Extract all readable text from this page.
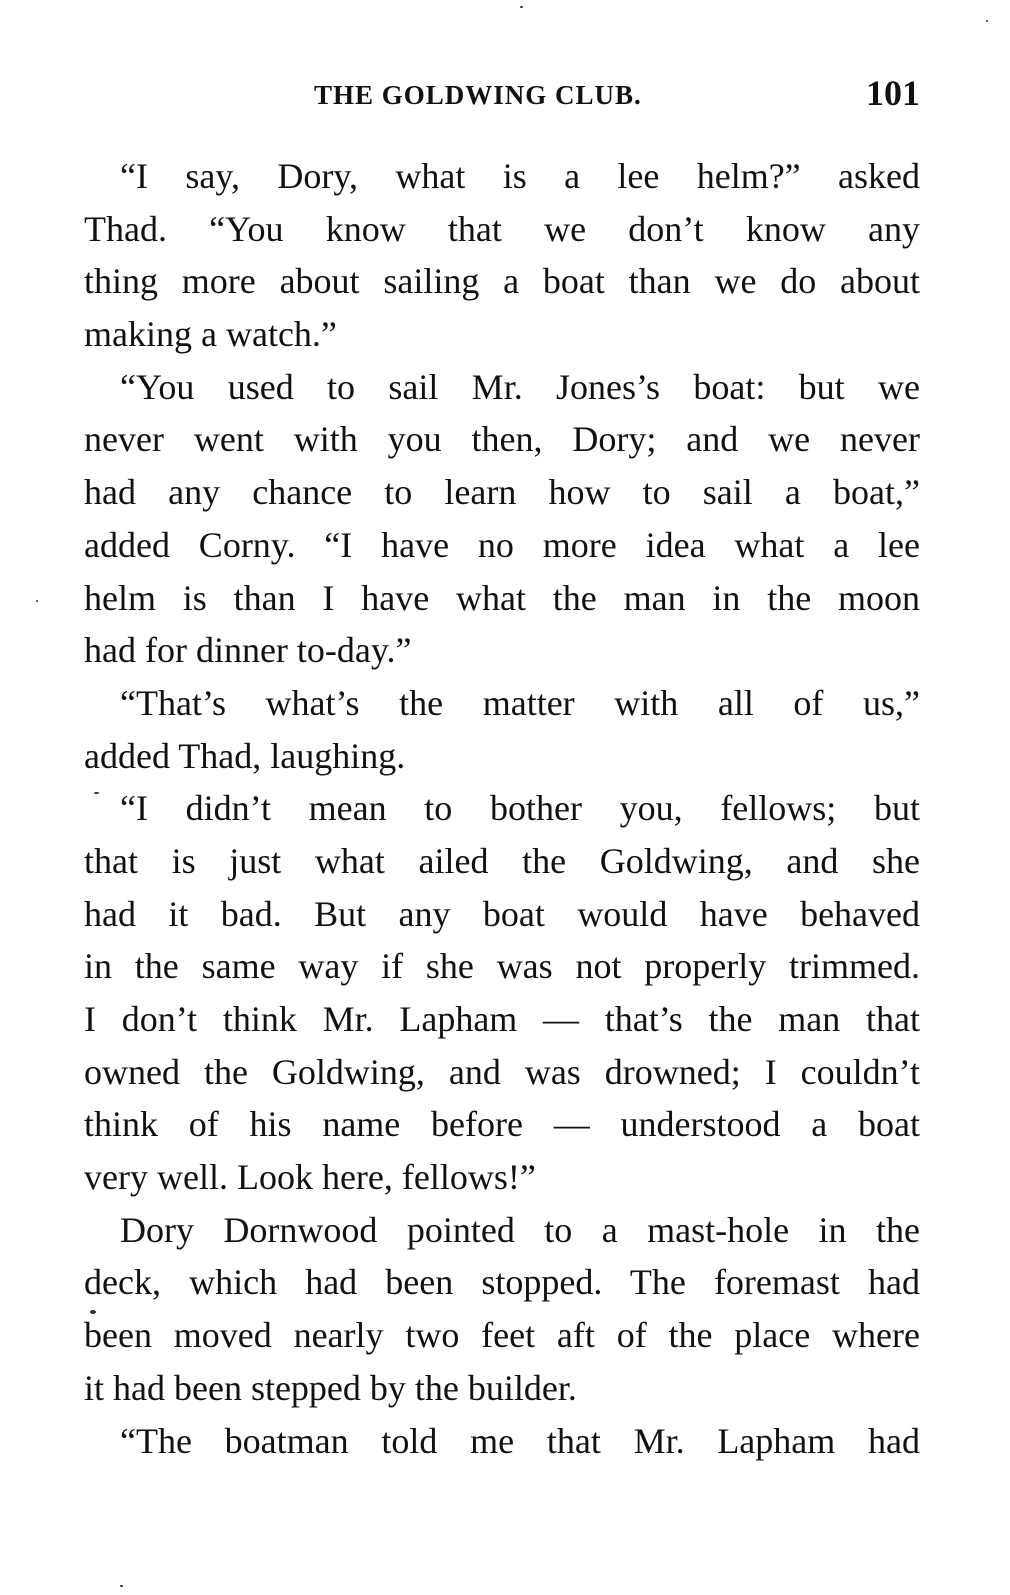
THE GOLDWING CLUB.	101
“I say, Dory, what is a lee helm?” asked
Thad. “You know that we don’t know any
thing more about sailing a boat than we do about
making a watch.”
“You used to sail Mr. Jones’s boat: but we
never went with you then, Dory; and we never
had any chance to learn how to sail a boat,”
added Corny. “I have no more idea what a lee
helm is than I have what the man in the moon
had for dinner to-day.”
“That’s what’s the matter with all of us,”
added Thad, laughing.
“I didn’t mean to bother you, fellows; but
that is just what ailed the Goldwing, and she
had it bad. But any boat would have behaved
in the same way if she was not properly trimmed.
I don’t think Mr. Lapham — that’s the man that
owned the Goldwing, and was drowned; I couldn’t
think of his name before — understood a boat
very well. Look here, fellows!”
Dory Dornwood pointed to a mast-hole in the
deck, which had been stopped. The foremast had
been moved nearly two feet aft of the place where
it had been stepped by the builder.
“The boatman told me that Mr. Lapham had
